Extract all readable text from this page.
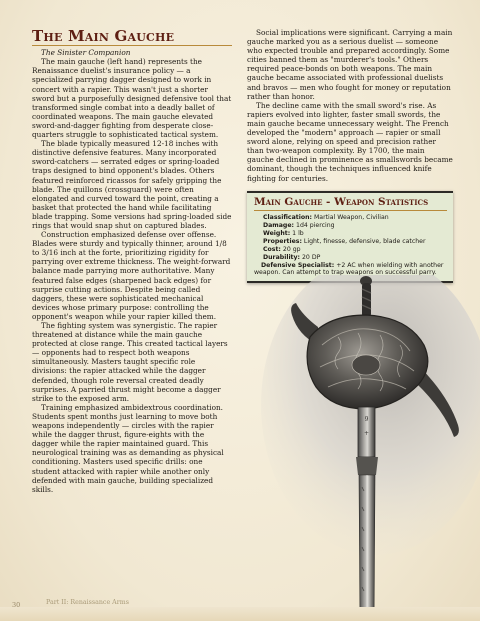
The Main Gauche

The Sinister Companion

The main gauche (left hand) represents the Renaissance duelist's insurance policy — a specialized parrying dagger designed to work in concert with a rapier. This wasn't just a shorter sword but a purposefully designed defensive tool that transformed single combat into a deadly ballet of coordinated weapons. The main gauche elevated sword-and-dagger fighting from desperate close-quarters struggle to sophisticated tactical system.

The blade typically measured 12-18 inches with distinctive defensive features. Many incorporated sword-catchers — serrated edges or spring-loaded traps designed to bind opponent's blades. Others featured reinforced ricassos for safely gripping the blade. The quillons (crossguard) were often elongated and curved toward the point, creating a basket that protected the hand while facilitating blade trapping. Some versions had spring-loaded side rings that would snap shut on captured blades.

Construction emphasized defense over offense. Blades were sturdy and typically thinner, around 1/8 to 3/16 inch at the forte, prioritizing rigidity for parrying over extreme thickness. The weight-forward balance made parrying more authoritative. Many featured false edges (sharpened back edges) for surprise cutting actions. Despite being called daggers, these were sophisticated mechanical devices whose primary purpose: controlling the opponent's weapon while your rapier killed them.

The fighting system was synergistic. The rapier threatened at distance while the main gauche protected at close range. This created tactical layers — opponents had to respect both weapons simultaneously. Masters taught specific role divisions: the rapier attacked while the dagger defended, though role reversal created deadly surprises. A parried thrust might become a dagger strike to the exposed arm.

Training emphasized ambidextrous coordination. Students spent months just learning to move both weapons independently — circles with the rapier while the dagger thrust, figure-eights with the dagger while the rapier maintained guard. This neurological training was as demanding as physical conditioning. Masters used specific drills: one student attacked with rapier while another only defended with main gauche, building specialized skills.

Social implications were significant. Carrying a main gauche marked you as a serious duelist — someone who expected trouble and prepared accordingly. Some cities banned them as "murderer's tools." Others required peace-bonds on both weapons. The main gauche became associated with professional duelists and bravos — men who fought for money or reputation rather than honor.

The decline came with the small sword's rise. As rapiers evolved into lighter, faster small swords, the main gauche became unnecessary weight. The French developed the "modern" approach — rapier or small sword alone, relying on speed and precision rather than two-weapon complexity. By 1700, the main gauche declined in prominence as smallswords became dominant, though the techniques influenced knife fighting for centuries.

Main Gauche - Weapon Statistics

Classification: Martial Weapon, Civilian

Damage: 1d4 piercing

Weight: 1 lb

Properties: Light, finesse, defensive, blade catcher

Cost: 20 gp

Durability: 20 DP

Defensive Specialist: +2 AC when wielding with another weapon. Can attempt to trap weapons on successful parry.

9
+
30	Part II: Renaissance Arms
